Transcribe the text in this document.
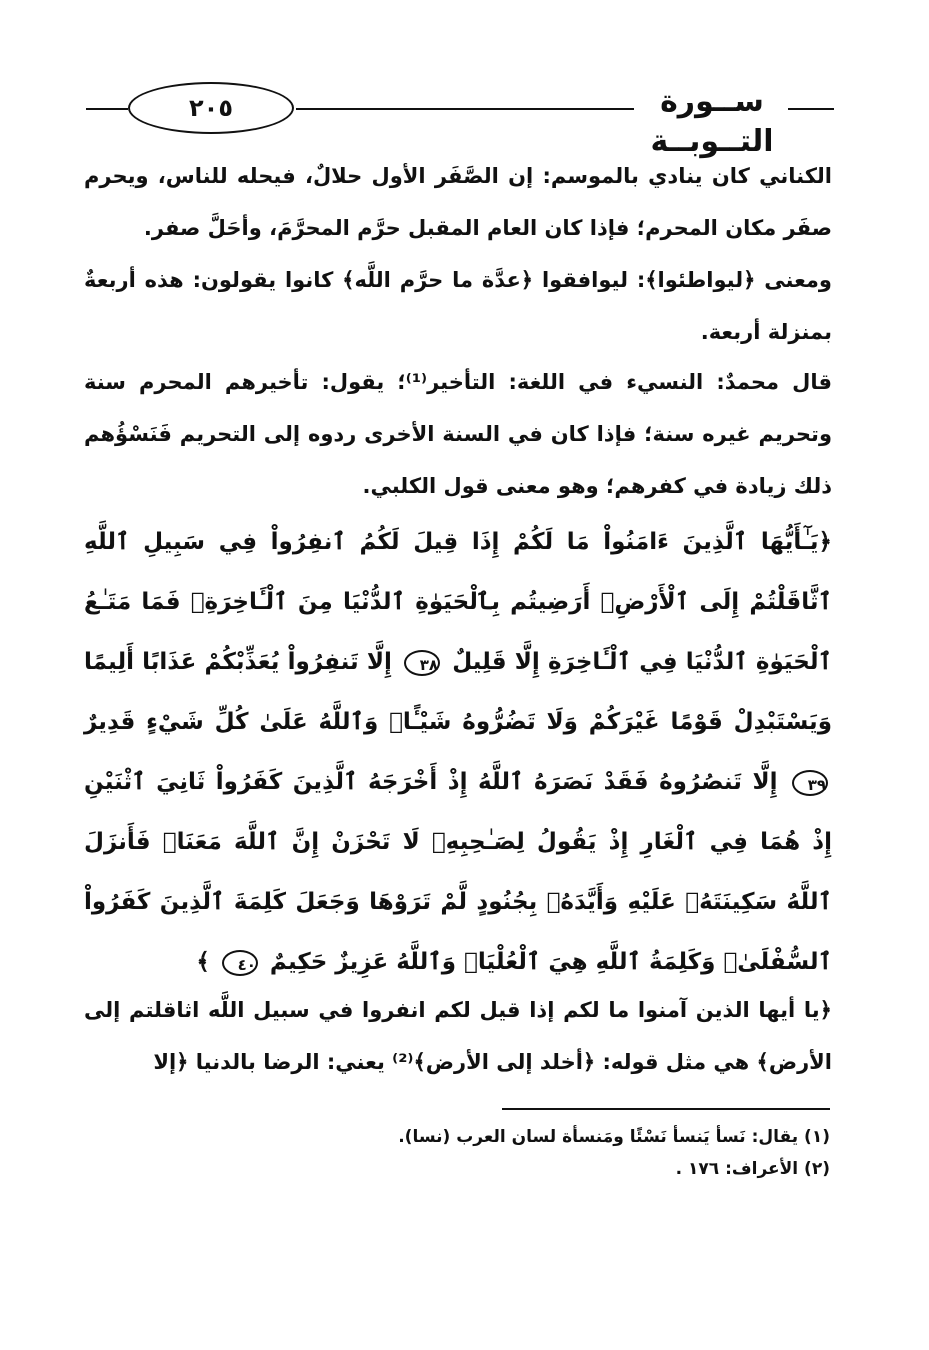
٢٠٥	ســورة التــوبــة
الكناني كان ينادي بالموسم: إن الصَّفَر الأول حلالٌ، فيحله للناس، ويحرم صفَر مكان المحرم؛ فإذا كان العام المقبل حرَّم المحرَّمَ، وأحَلَّ صفر.
ومعنى ﴿ليواطئوا﴾: ليوافقوا ﴿عدَّة ما حرَّم اللَّه﴾ كانوا يقولون: هذه أربعةٌ بمنزلة أربعة.
قال محمدٌ: النسيء في اللغة: التأخير⁽¹⁾؛ يقول: تأخيرهم المحرم سنة وتحريم غيره سنة؛ فإذا كان في السنة الأخرى ردوه إلى التحريم فَنَسْؤُهم ذلك زيادة في كفرهم؛ وهو معنى قول الكلبي.
﴿يَـٰٓأَيُّهَا ٱلَّذِينَ ءَامَنُواْ مَا لَكُمْ إِذَا قِيلَ لَكُمُ ٱنفِرُواْ فِي سَبِيلِ ٱللَّهِ ٱثَّاقَلْتُمْ إِلَى ٱلْأَرْضِۚ أَرَضِيتُم بِٱلْحَيَوٰةِ ٱلدُّنْيَا مِنَ ٱلْـَٔاخِرَةِۚ فَمَا مَتَـٰعُ ٱلْحَيَوٰةِ ٱلدُّنْيَا فِي ٱلْـَٔاخِرَةِ إِلَّا قَلِيلٌ ٣٨ إِلَّا تَنفِرُواْ يُعَذِّبْكُمْ عَذَابًا أَلِيمًا وَيَسْتَبْدِلْ قَوْمًا غَيْرَكُمْ وَلَا تَضُرُّوهُ شَيْـًٔاۗ وَٱللَّهُ عَلَىٰ كُلِّ شَيْءٍ قَدِيرٌ ٣٩ إِلَّا تَنصُرُوهُ فَقَدْ نَصَرَهُ ٱللَّهُ إِذْ أَخْرَجَهُ ٱلَّذِينَ كَفَرُواْ ثَانِيَ ٱثْنَيْنِ إِذْ هُمَا فِي ٱلْغَارِ إِذْ يَقُولُ لِصَـٰحِبِهِۦ لَا تَحْزَنْ إِنَّ ٱللَّهَ مَعَنَاۖ فَأَنزَلَ ٱللَّهُ سَكِينَتَهُۥ عَلَيْهِ وَأَيَّدَهُۥ بِجُنُودٍ لَّمْ تَرَوْهَا وَجَعَلَ كَلِمَةَ ٱلَّذِينَ كَفَرُواْ ٱلسُّفْلَىٰۗ وَكَلِمَةُ ٱللَّهِ هِيَ ٱلْعُلْيَاۗ وَٱللَّهُ عَزِيزٌ حَكِيمٌ ٤٠ ﴾
﴿يا أيها الذين آمنوا ما لكم إذا قيل لكم انفروا في سبيل اللَّه اثاقلتم إلى الأرض﴾ هي مثل قوله: ﴿أخلد إلى الأرض﴾⁽²⁾ يعني: الرضا بالدنيا ﴿إلا
(١) يقال: نَسأ يَنسأ نَسْئًا ومَنسأة لسان العرب (نسا).
(٢) الأعراف: ١٧٦ .
